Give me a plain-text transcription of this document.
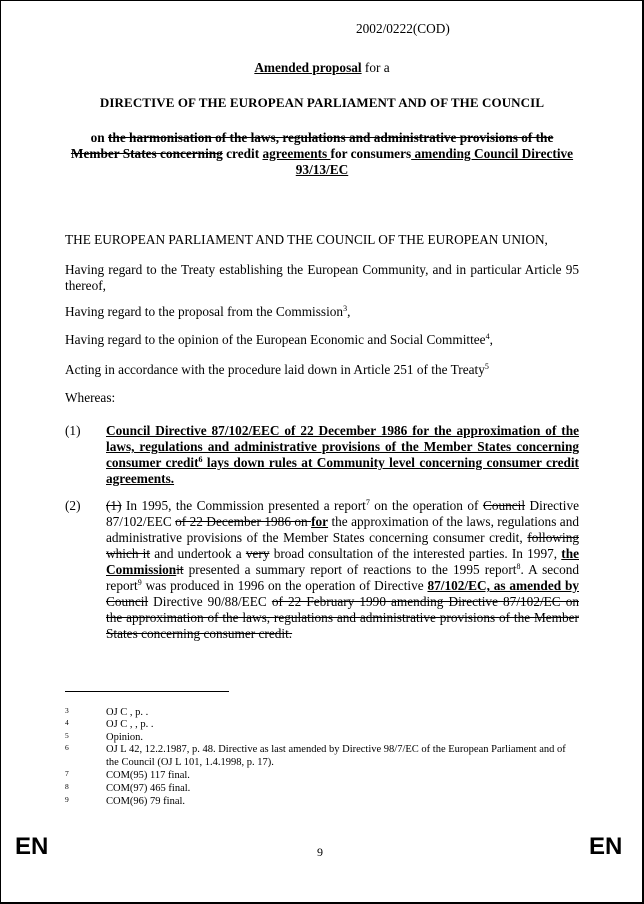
2002/0222(COD)
Amended proposal for a
DIRECTIVE OF THE EUROPEAN PARLIAMENT AND OF THE COUNCIL
on the harmonisation of the laws, regulations and administrative provisions of the Member States concerning credit agreements for consumers amending Council Directive 93/13/EC
THE EUROPEAN PARLIAMENT AND THE COUNCIL OF THE EUROPEAN UNION,
Having regard to the Treaty establishing the European Community, and in particular Article 95 thereof,
Having regard to the proposal from the Commission$^3$,
Having regard to the opinion of the European Economic and Social Committee$^4$,
Acting in accordance with the procedure laid down in Article 251 of the Treaty$^5$
Whereas:
(1) Council Directive 87/102/EEC of 22 December 1986 for the approximation of the laws, regulations and administrative provisions of the Member States concerning consumer credit$^6$ lays down rules at Community level concerning consumer credit agreements.
(2) (1) In 1995, the Commission presented a report$^7$ on the operation of Council Directive 87/102/EEC of 22 December 1986 on for the approximation of the laws, regulations and administrative provisions of the Member States concerning consumer credit, following which it and undertook a very broad consultation of the interested parties. In 1997, the Commissionit presented a summary report of reactions to the 1995 report$^8$. A second report$^9$ was produced in 1996 on the operation of Directive 87/102/EC, as amended by Council Directive 90/88/EEC of 22 February 1990 amending Directive 87/102/EC on the approximation of the laws, regulations and administrative provisions of the Member States concerning consumer credit.
3	OJ C , p. .
4	OJ C , , p. .
5	Opinion.
6	OJ L 42, 12.2.1987, p. 48. Directive as last amended by Directive 98/7/EC of the European Parliament and of the Council (OJ L 101, 1.4.1998, p. 17).
7	COM(95) 117 final.
8	COM(97) 465 final.
9	COM(96) 79 final.
EN	9	EN
